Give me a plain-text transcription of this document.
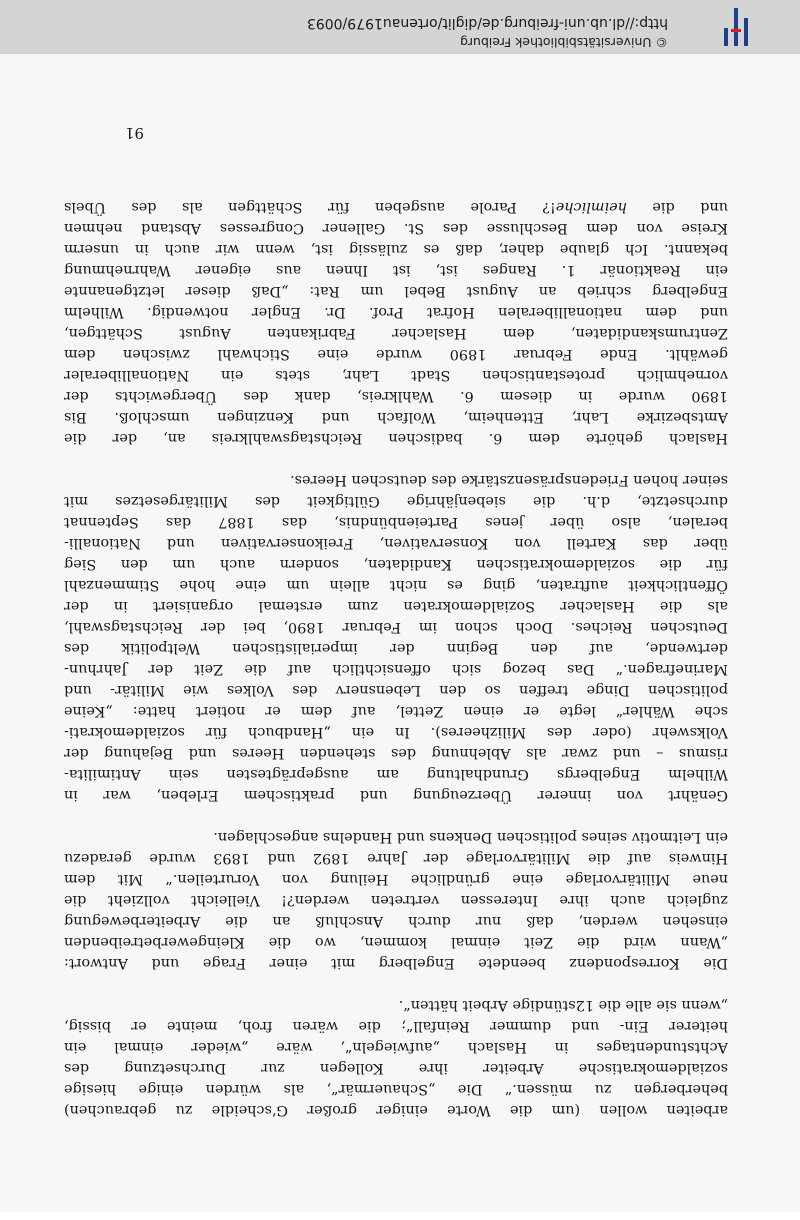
arbeiten wollen (um die Worte einiger großer G’scheidle zu gebrauchen)
beherbergen zu müssen.“ Die „Schauermär“, als würden einige hiesige
sozialdemokratische Arbeiter ihre Kollegen zur Durchsetzung des
Achtstundentages in Haslach „aufwiegeln“, wäre „wieder einmal ein
heiterer Ein- und dummer Reinfall“; die wären froh, meinte er bissig,
„wenn sie alle die 12stündige Arbeit hätten“.

Die Korrespondenz beendete Engelberg mit einer Frage und Antwort:
„Wann wird die Zeit einmal kommen, wo die Kleingewerbetreibenden
einsehen werden, daß nur durch Anschluß an die Arbeiterbewegung
zugleich auch ihre Interessen vertreten werden?! Vielleicht vollzieht die
neue Militärvorlage eine gründliche Heilung von Vorurteilen.“ Mit dem
Hinweis auf die Militärvorlage der Jahre 1892 und 1893 wurde geradezu
ein Leitmotiv seines politischen Denkens und Handelns angeschlagen.

Genährt von innerer Überzeugung und praktischem Erleben, war in
Wilhelm Engelbergs Grundhaltung am ausgeprägtesten sein Antimilita-
rismus – und zwar als Ablehnung des stehenden Heeres und Bejahung der
Volkswehr (oder des Milizheeres). In ein „Handbuch für sozialdemokrati-
sche Wähler“ legte er einen Zettel, auf dem er notiert hatte: „Keine
politischen Dinge treffen so den Lebensnerv des Volkes wie Militär- und
Marinefragen.“ Das bezog sich offensichtlich auf die Zeit der Jahrhun-
dertwende, auf den Beginn der imperialistischen Weltpolitik des
Deutschen Reiches. Doch schon im Februar 1890, bei der Reichstagswahl,
als die Haslacher Sozialdemokraten zum erstemal organisiert in der
Öffentlichkeit auftraten, ging es nicht allein um eine hohe Stimmenzahl
für die sozialdemokratischen Kandidaten, sondern auch um den Sieg
über das Kartell von Konservativen, Freikonservativen und Nationalli-
beralen, also über jenes Parteienbündnis, das 1887 das Septennat
durchsetzte, d.h. die siebenjährige Gültigkeit des Militärgesetzes mit
seiner hohen Friedenspräsenzstärke des deutschen Heeres.

Haslach gehörte dem 6. badischen Reichstagswahlkreis an, der die
Amtsbezirke Lahr, Ettenheim, Wolfach und Kenzingen umschloß. Bis
1890 wurde in diesem 6. Wahlkreis, dank des Übergewichts der
vornehmlich protestantischen Stadt Lahr, stets ein Nationalliberaler
gewählt. Ende Februar 1890 wurde eine Stichwahl zwischen dem
Zentrumskandidaten, dem Haslacher Fabrikanten August Schättgen,
und dem nationalliberalen Hofrat Prof. Dr. Engler notwendig. Wilhelm
Engelberg schrieb an August Bebel um Rat: „Daß dieser letztgenannte
ein Reaktionär 1. Ranges ist, ist Ihnen aus eigener Wahrnehmung
bekannt. Ich glaube daher, daß es zulässig ist, wenn wir auch in unserm
Kreise von dem Beschlusse des St. Gallener Congresses Abstand nehmen
und die heimliche!? Parole ausgeben für Schättgen als des Übels

91
© Universitätsbibliothek Freiburg
http://dl.ub.uni-freiburg.de/diglit/ortenau1979/0093
